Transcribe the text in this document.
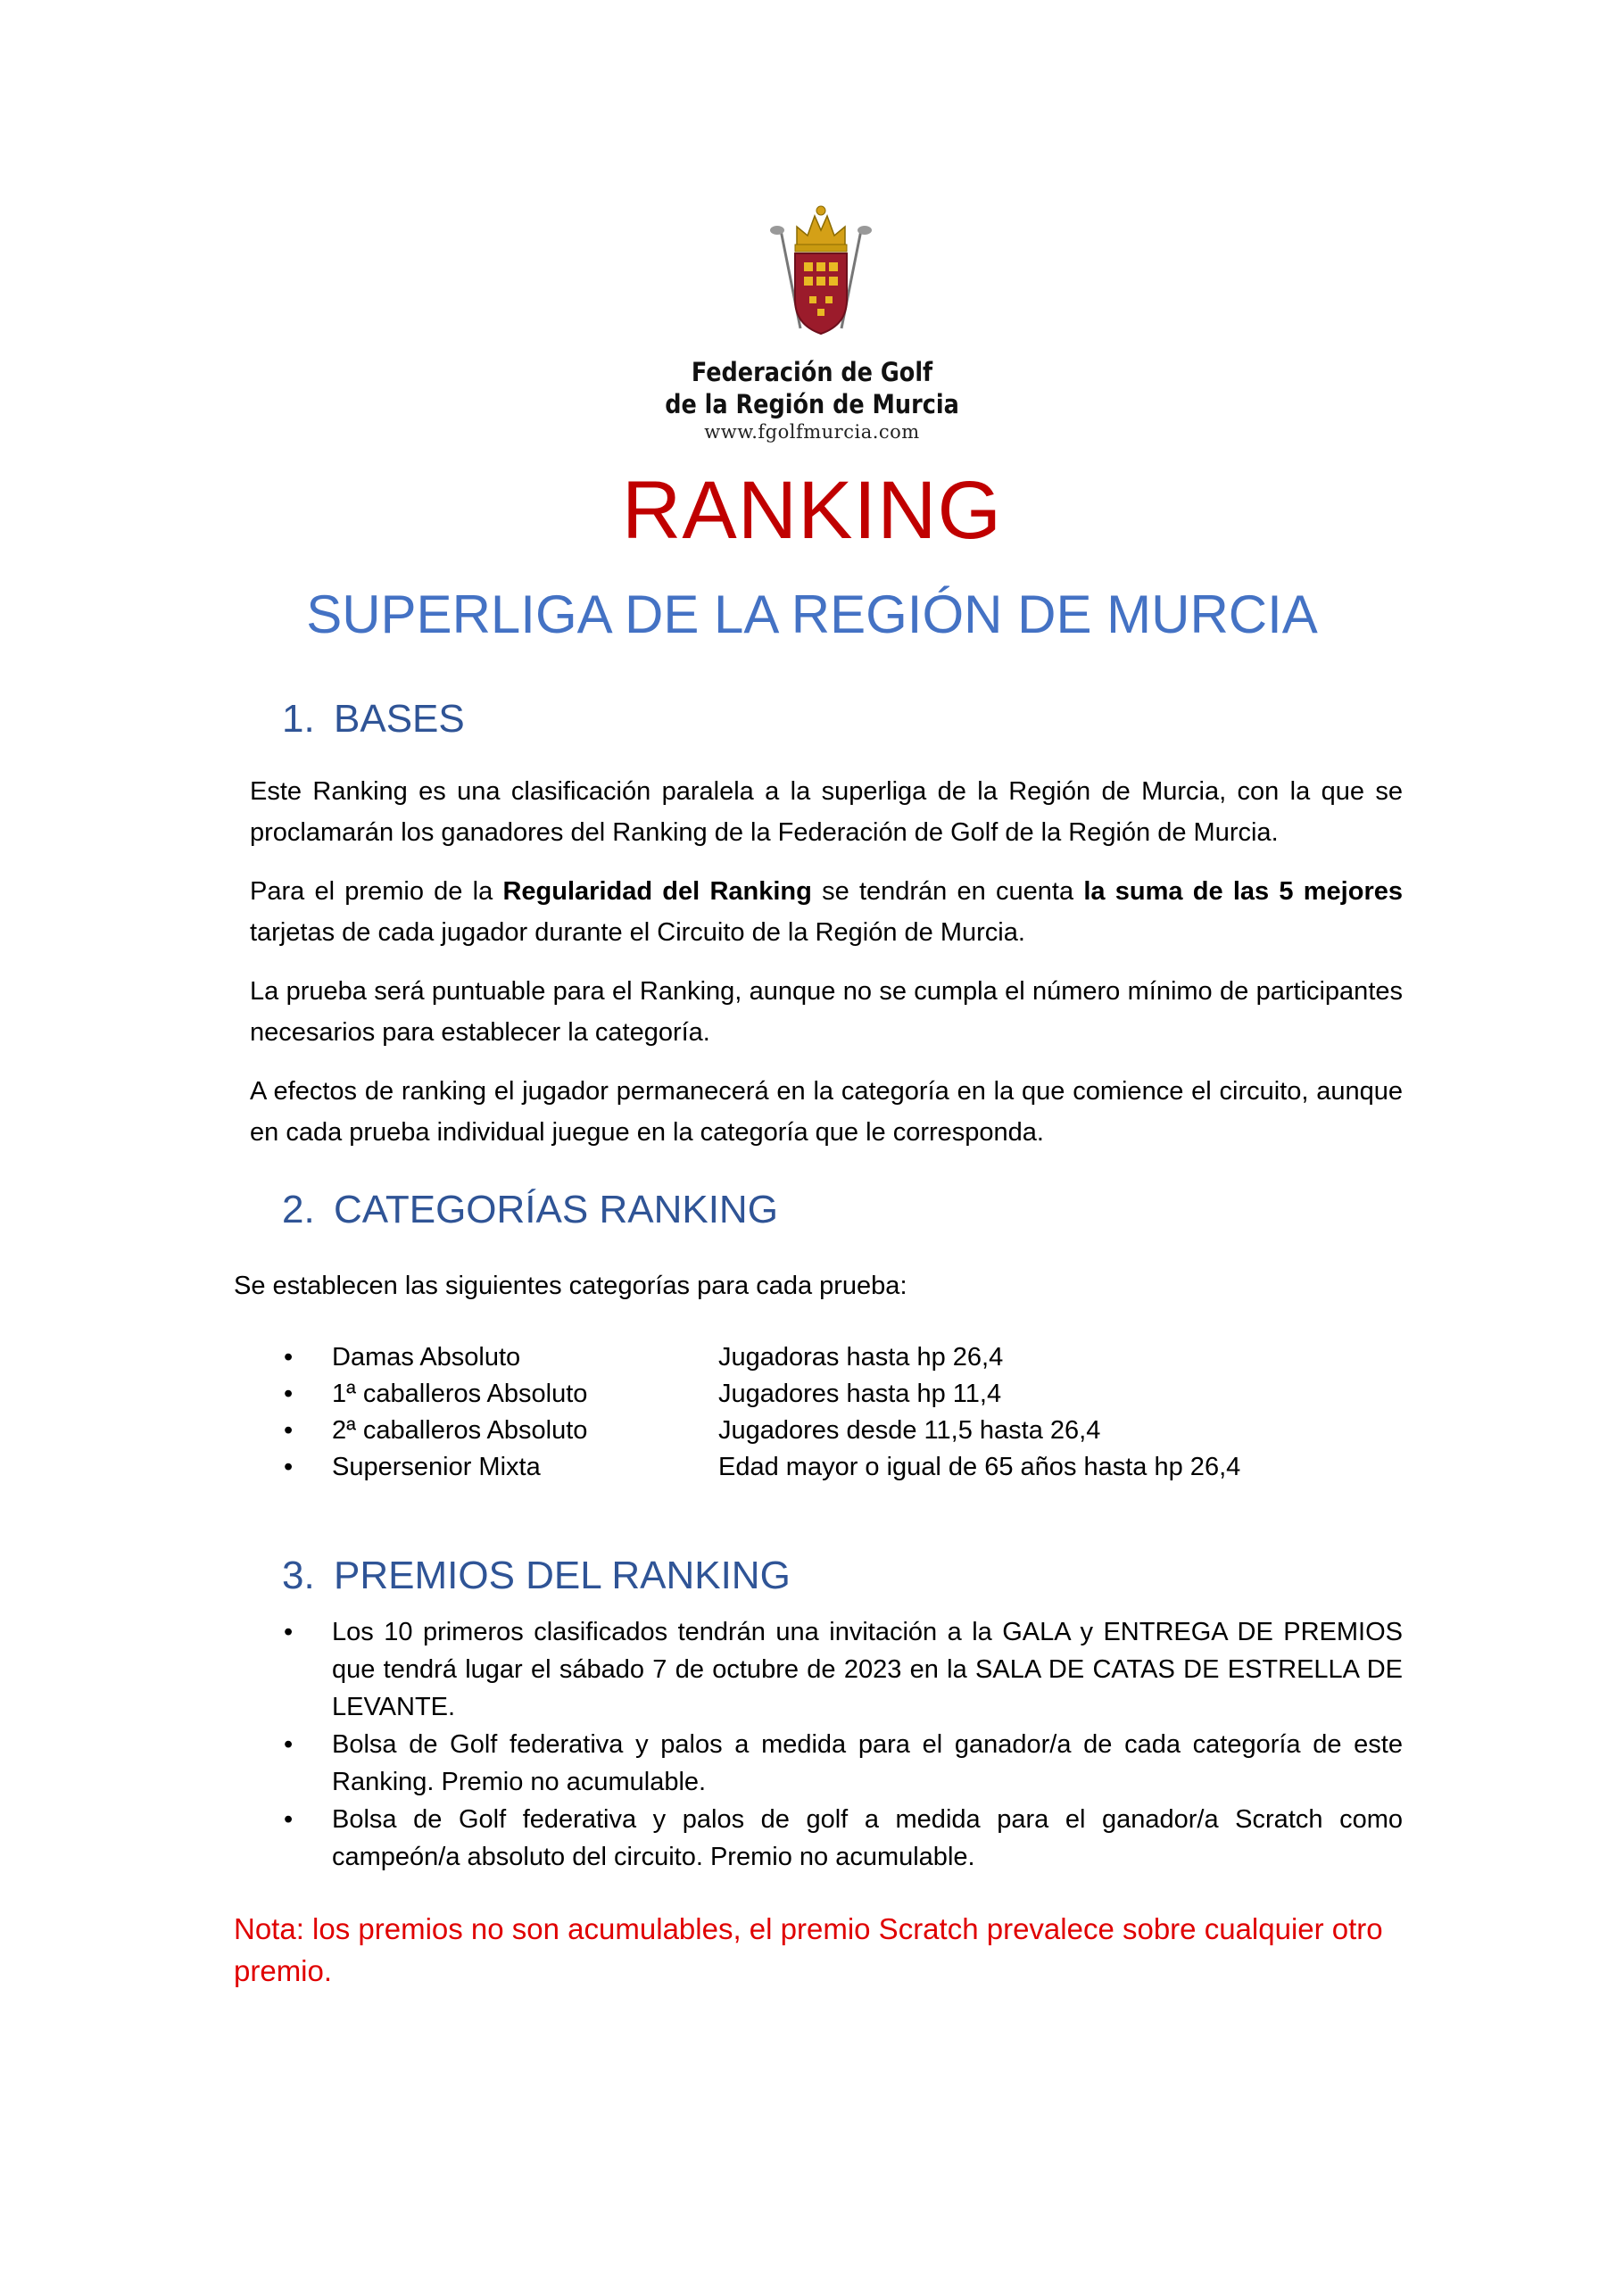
Federación de Golf
de la Región de Murcia
www.fgolfmurcia.com
RANKING
SUPERLIGA DE LA REGIÓN DE MURCIA
1. BASES
Este Ranking es una clasificación paralela a la superliga de la Región de Murcia, con la que se proclamarán los ganadores del Ranking de la Federación de Golf de la Región de Murcia.
Para el premio de la Regularidad del Ranking se tendrán en cuenta la suma de las 5 mejores tarjetas de cada jugador durante el Circuito de la Región de Murcia.
La prueba será puntuable para el Ranking, aunque no se cumpla el número mínimo de participantes necesarios para establecer la categoría.
A efectos de ranking el jugador permanecerá en la categoría en la que comience el circuito, aunque en cada prueba individual juegue en la categoría que le corresponda.
2. CATEGORÍAS RANKING
Se establecen las siguientes categorías para cada prueba:
• Damas Absoluto	Jugadoras hasta hp 26,4
• 1ª caballeros Absoluto	Jugadores hasta hp 11,4
• 2ª caballeros Absoluto	Jugadores desde 11,5 hasta 26,4
• Supersenior Mixta	Edad mayor o igual de 65 años hasta hp 26,4
3. PREMIOS DEL RANKING
• Los 10 primeros clasificados tendrán una invitación a la GALA y ENTREGA DE PREMIOS que tendrá lugar el sábado 7 de octubre de 2023 en la SALA DE CATAS DE ESTRELLA DE LEVANTE.
• Bolsa de Golf federativa y palos a medida para el ganador/a de cada categoría de este Ranking. Premio no acumulable.
• Bolsa de Golf federativa y palos de golf a medida para el ganador/a Scratch como campeón/a absoluto del circuito. Premio no acumulable.
Nota: los premios no son acumulables, el premio Scratch prevalece sobre cualquier otro premio.
